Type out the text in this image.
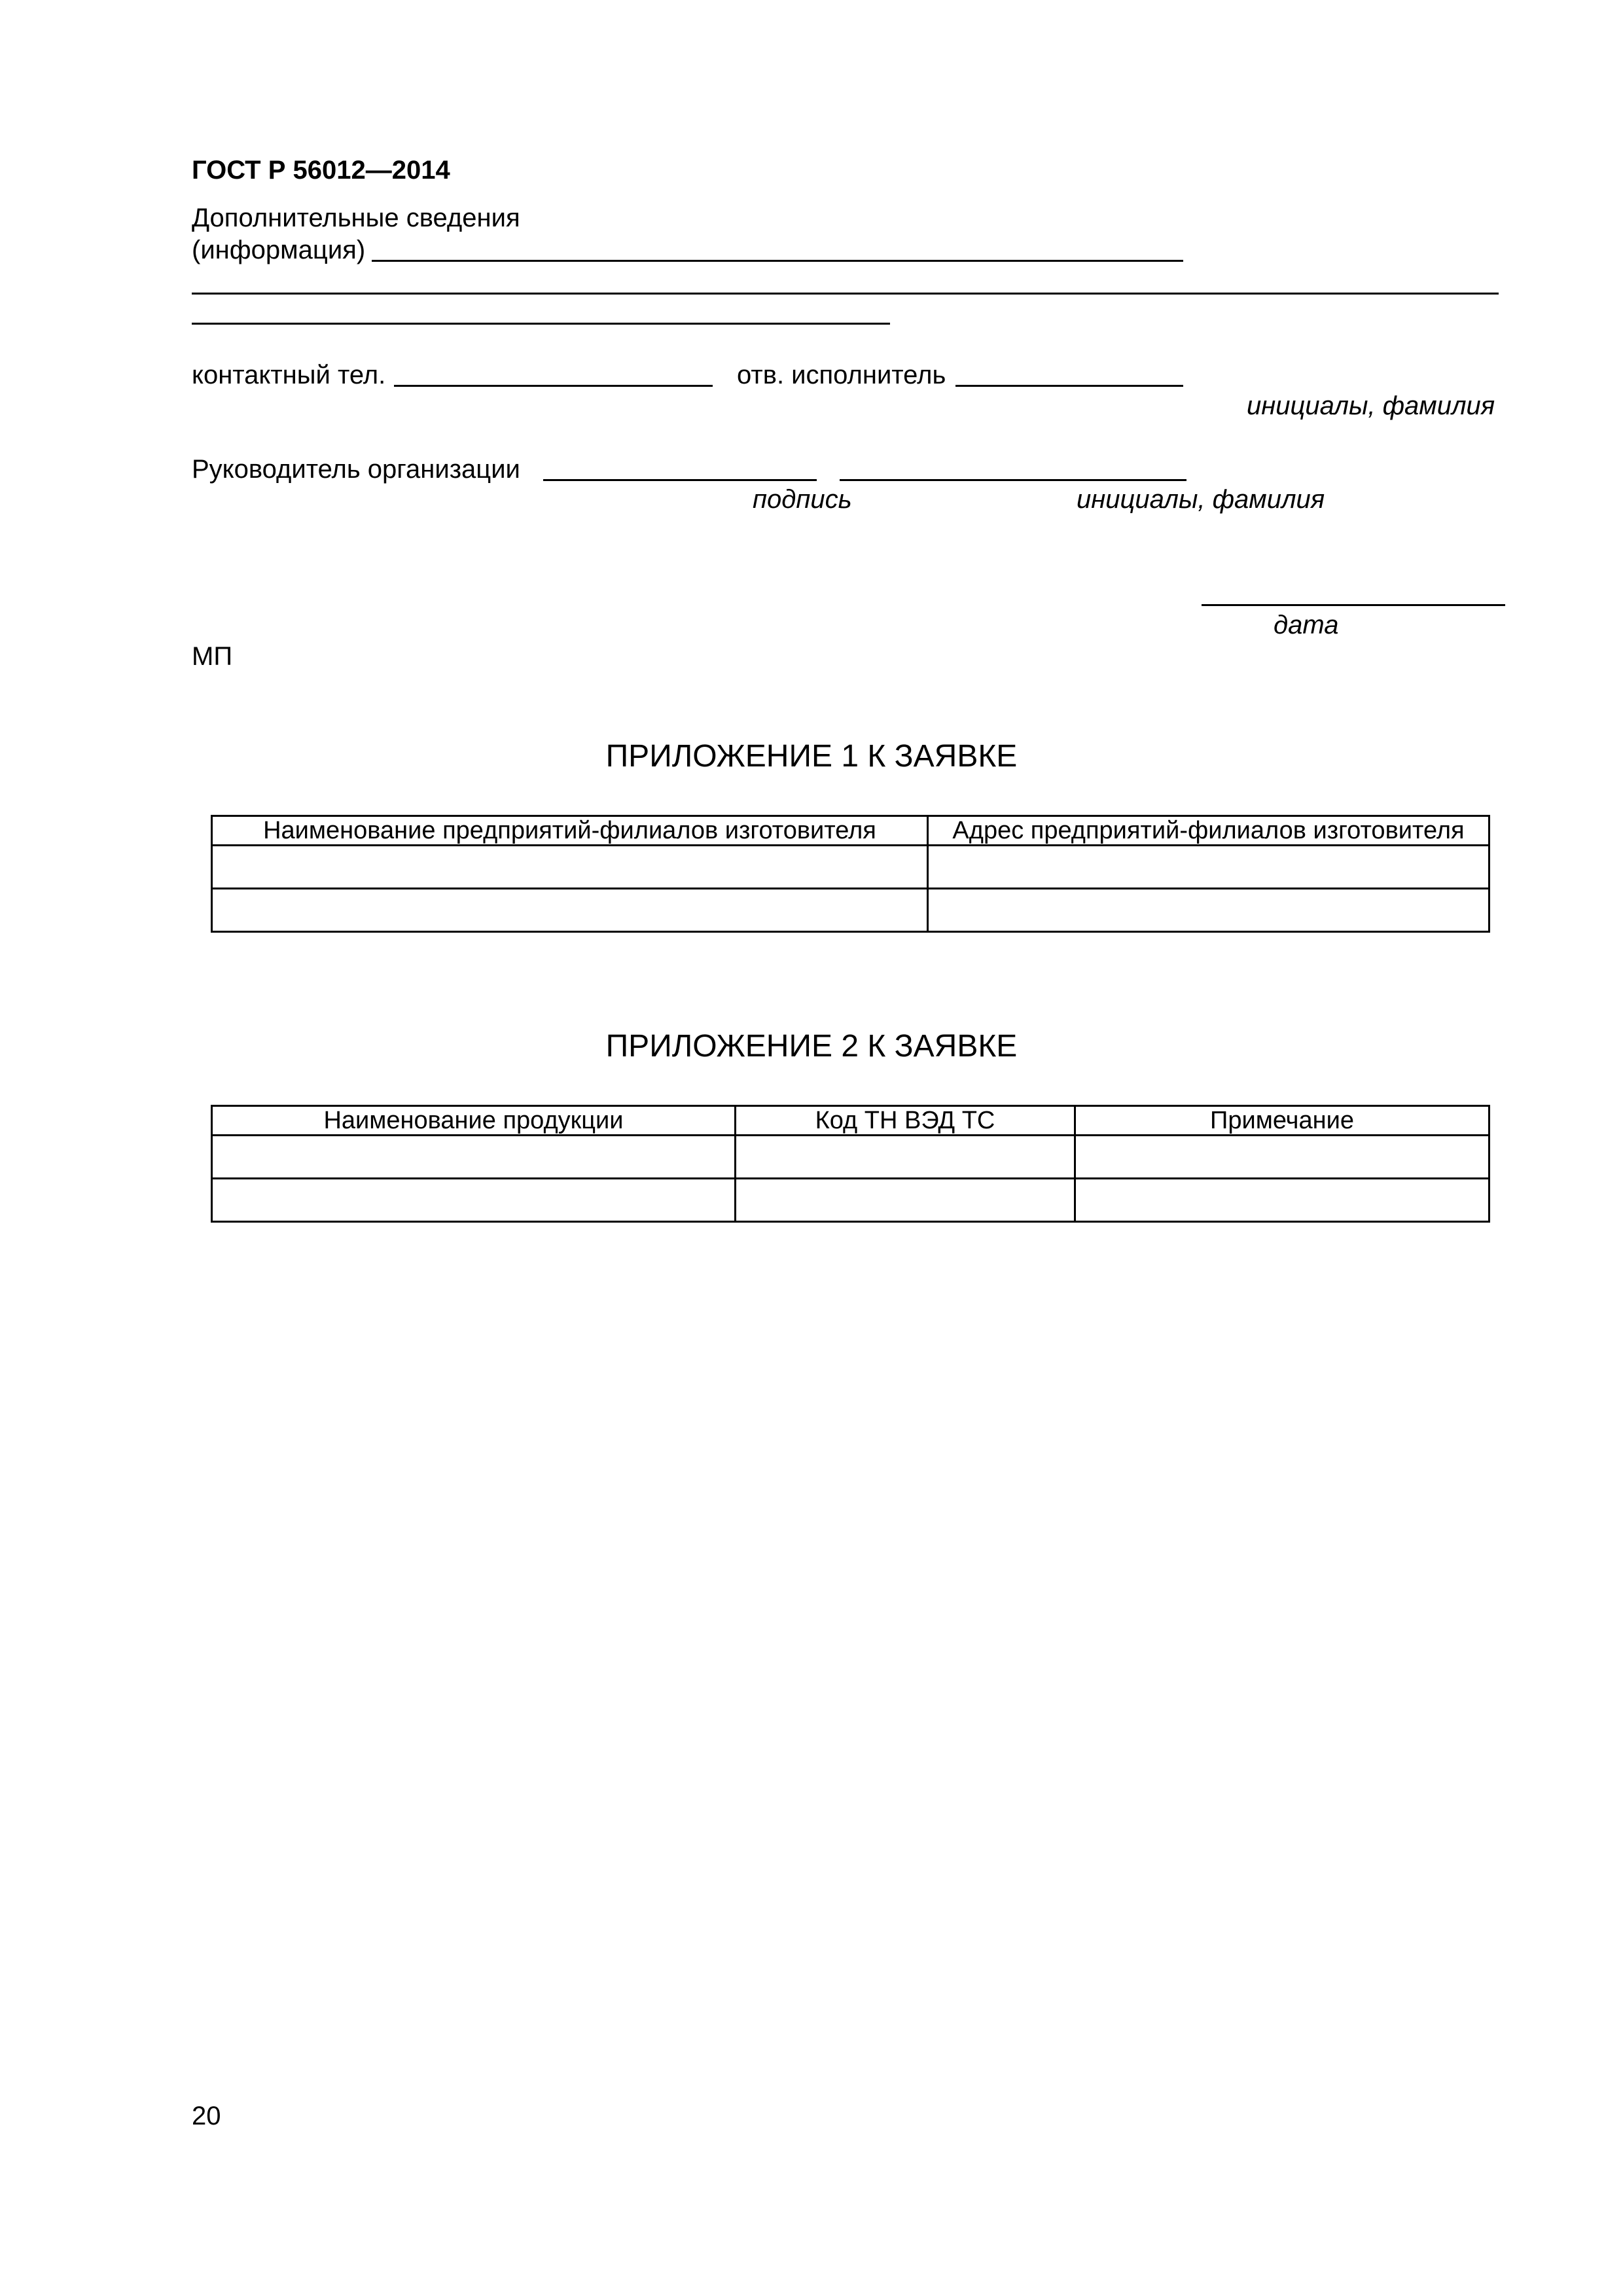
ГОСТ Р 56012—2014
Дополнительные сведения
(информация)
контактный тел.	отв. исполнитель
инициалы, фамилия
Руководитель организации
подпись	инициалы, фамилия
дата
МП
ПРИЛОЖЕНИЕ 1 К ЗАЯВКЕ
Наименование предприятий-филиалов изготовителя	Адрес предприятий-филиалов изготовителя

ПРИЛОЖЕНИЕ 2 К ЗАЯВКЕ
Наименование продукции	Код ТН ВЭД ТС	Примечание

20
